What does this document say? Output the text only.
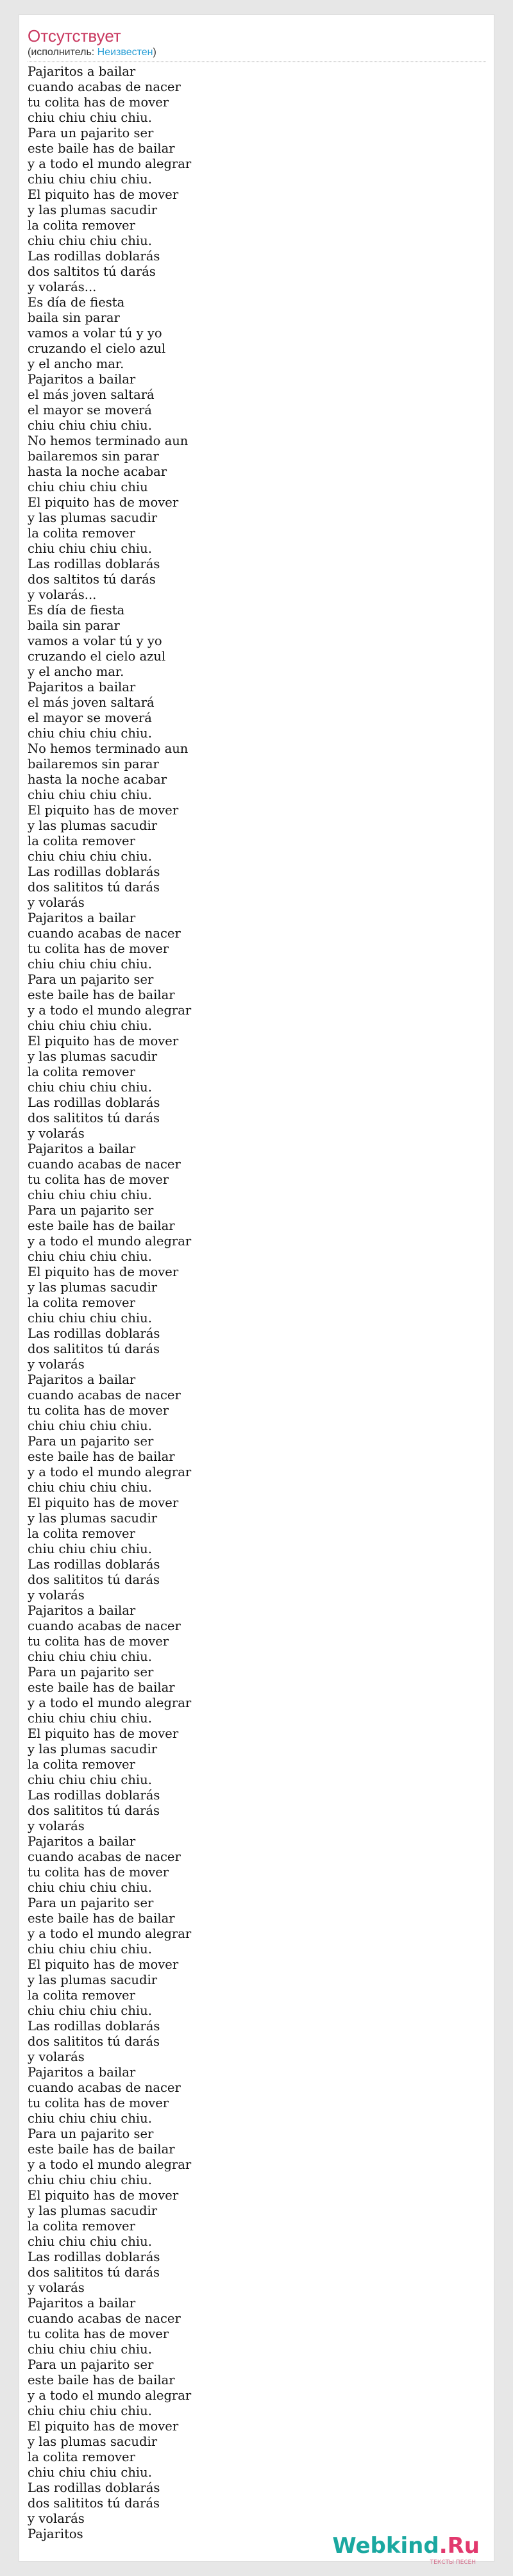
Отсутствует

(исполнитель: Неизвестен)

Pajaritos a bailar
cuando acabas de nacer
tu colita has de mover
chiu chiu chiu chiu.
Para un pajarito ser
este baile has de bailar
y a todo el mundo alegrar
chiu chiu chiu chiu.
El piquito has de mover
y las plumas sacudir
la colita remover
chiu chiu chiu chiu.
Las rodillas doblarás
dos saltitos tú darás
y volarás...
Es día de fiesta
baila sin parar
vamos a volar tú y yo
cruzando el cielo azul
y el ancho mar.
Pajaritos a bailar
el más joven saltará
el mayor se moverá
chiu chiu chiu chiu.
No hemos terminado aun
bailaremos sin parar
hasta la noche acabar
chiu chiu chiu chiu
El piquito has de mover
y las plumas sacudir
la colita remover
chiu chiu chiu chiu.
Las rodillas doblarás
dos saltitos tú darás
y volarás...
Es día de fiesta
baila sin parar
vamos a volar tú y yo
cruzando el cielo azul
y el ancho mar.
Pajaritos a bailar
el más joven saltará
el mayor se moverá
chiu chiu chiu chiu.
No hemos terminado aun
bailaremos sin parar
hasta la noche acabar
chiu chiu chiu chiu.
El piquito has de mover
y las plumas sacudir
la colita remover
chiu chiu chiu chiu.
Las rodillas doblarás
dos salititos tú darás
y volarás
Pajaritos a bailar
cuando acabas de nacer
tu colita has de mover
chiu chiu chiu chiu.
Para un pajarito ser
este baile has de bailar
y a todo el mundo alegrar
chiu chiu chiu chiu.
El piquito has de mover
y las plumas sacudir
la colita remover
chiu chiu chiu chiu.
Las rodillas doblarás
dos salititos tú darás
y volarás
Pajaritos a bailar
cuando acabas de nacer
tu colita has de mover
chiu chiu chiu chiu.
Para un pajarito ser
este baile has de bailar
y a todo el mundo alegrar
chiu chiu chiu chiu.
El piquito has de mover
y las plumas sacudir
la colita remover
chiu chiu chiu chiu.
Las rodillas doblarás
dos salititos tú darás
y volarás
Pajaritos a bailar
cuando acabas de nacer
tu colita has de mover
chiu chiu chiu chiu.
Para un pajarito ser
este baile has de bailar
y a todo el mundo alegrar
chiu chiu chiu chiu.
El piquito has de mover
y las plumas sacudir
la colita remover
chiu chiu chiu chiu.
Las rodillas doblarás
dos salititos tú darás
y volarás
Pajaritos a bailar
cuando acabas de nacer
tu colita has de mover
chiu chiu chiu chiu.
Para un pajarito ser
este baile has de bailar
y a todo el mundo alegrar
chiu chiu chiu chiu.
El piquito has de mover
y las plumas sacudir
la colita remover
chiu chiu chiu chiu.
Las rodillas doblarás
dos salititos tú darás
y volarás
Pajaritos a bailar
cuando acabas de nacer
tu colita has de mover
chiu chiu chiu chiu.
Para un pajarito ser
este baile has de bailar
y a todo el mundo alegrar
chiu chiu chiu chiu.
El piquito has de mover
y las plumas sacudir
la colita remover
chiu chiu chiu chiu.
Las rodillas doblarás
dos salititos tú darás
y volarás
Pajaritos a bailar
cuando acabas de nacer
tu colita has de mover
chiu chiu chiu chiu.
Para un pajarito ser
este baile has de bailar
y a todo el mundo alegrar
chiu chiu chiu chiu.
El piquito has de mover
y las plumas sacudir
la colita remover
chiu chiu chiu chiu.
Las rodillas doblarás
dos salititos tú darás
y volarás
Pajaritos a bailar
cuando acabas de nacer
tu colita has de mover
chiu chiu chiu chiu.
Para un pajarito ser
este baile has de bailar
y a todo el mundo alegrar
chiu chiu chiu chiu.
El piquito has de mover
y las plumas sacudir
la colita remover
chiu chiu chiu chiu.
Las rodillas doblarás
dos salititos tú darás
y volarás
Pajaritos	Webkind.Ru
ТЕКСТЫ ПЕСЕН
